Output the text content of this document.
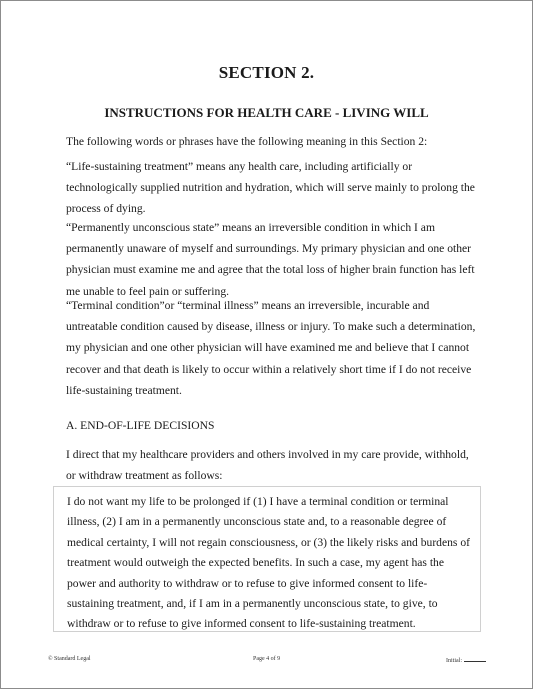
SECTION 2.
INSTRUCTIONS FOR HEALTH CARE - LIVING WILL

The following words or phrases have the following meaning in this Section 2:

“Life-sustaining treatment” means any health care, including artificially or technologically supplied nutrition and hydration, which will serve mainly to prolong the process of dying.

“Permanently unconscious state” means an irreversible condition in which I am permanently unaware of myself and surroundings. My primary physician and one other physician must examine me and agree that the total loss of higher brain function has left me unable to feel pain or suffering.

“Terminal condition”or “terminal illness” means an irreversible, incurable and untreatable condition caused by disease, illness or injury. To make such a determination, my physician and one other physician will have examined me and believe that I cannot recover and that death is likely to occur within a relatively short time if I do not receive life-sustaining treatment.

A. END-OF-LIFE DECISIONS

I direct that my healthcare providers and others involved in my care provide, withhold, or withdraw treatment as follows:

I do not want my life to be prolonged if (1) I have a terminal condition or terminal illness, (2) I am in a permanently unconscious state and, to a reasonable degree of medical certainty, I will not regain consciousness, or (3) the likely risks and burdens of treatment would outweigh the expected benefits. In such a case, my agent has the power and authority to withdraw or to refuse to give informed consent to life-sustaining treatment, and, if I am in a permanently unconscious state, to give, to withdraw or to refuse to give informed consent to life-sustaining treatment.

© Standard Legal	Page 4 of 9	Initial:
